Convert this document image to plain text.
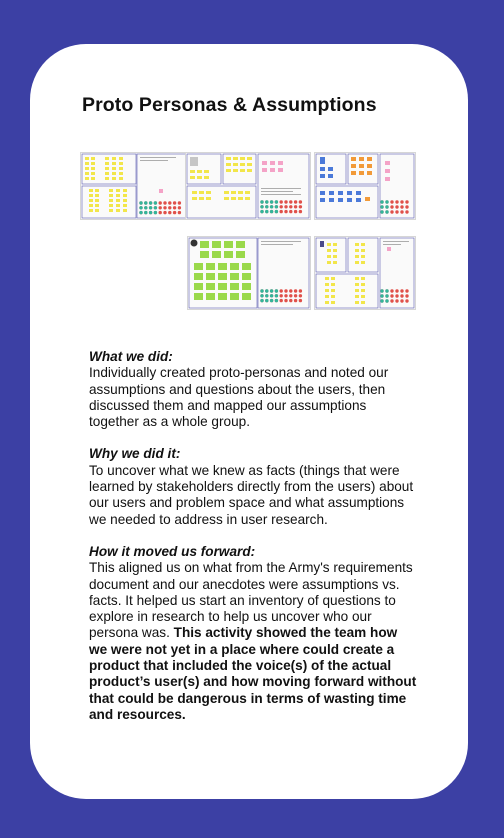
Proto Personas & Assumptions
What we did:
Individually created proto-personas and noted our assumptions and questions about the users, then discussed them and mapped our assumptions together as a whole group.
Why we did it:
To uncover what we knew as facts (things that were learned by stakeholders directly from the users) about our users and problem space and what assumptions we needed to address in user research.
How it moved us forward:
This aligned us on what from the Army's requirements document and our anecdotes were assumptions vs. facts. It helped us start an inventory of questions to explore in research to help us uncover who our persona was. This activity showed the team how we were not yet in a place where could create a product that included the voice(s) of the actual product’s user(s) and how moving forward without that could be dangerous in terms of wasting time and resources.
